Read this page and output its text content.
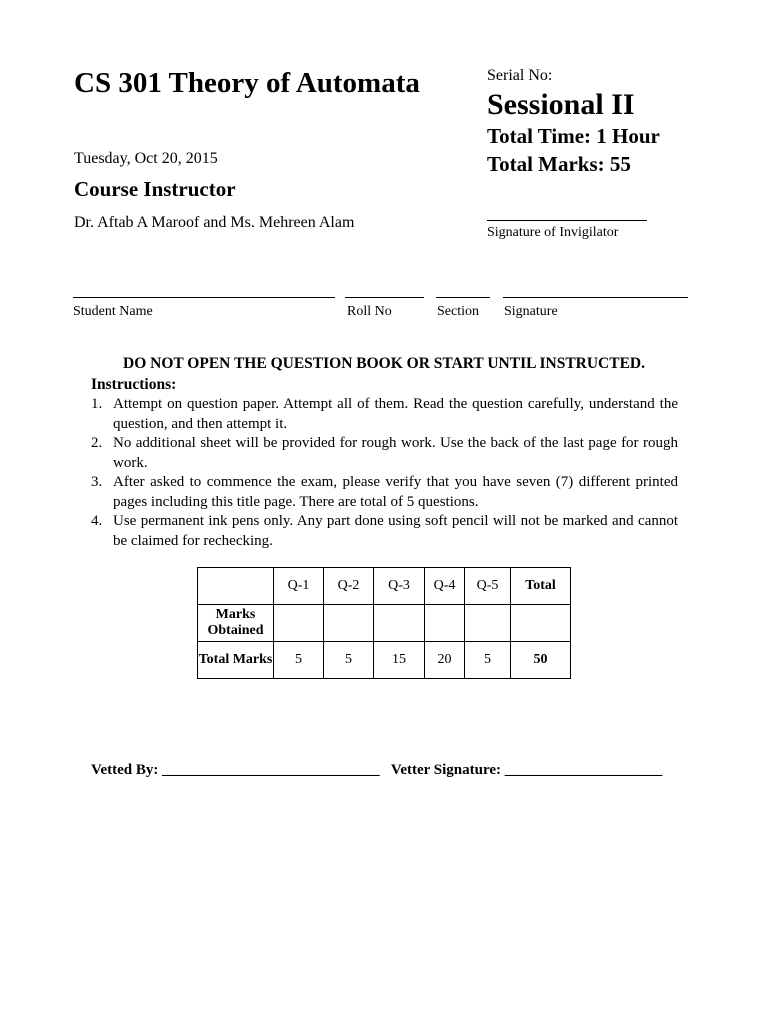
CS 301 Theory of Automata	Serial No:
Sessional II
Total Time: 1 Hour
Total Marks: 55
Tuesday, Oct 20, 2015
Course Instructor
Dr. Aftab A Maroof and Ms. Mehreen Alam
Signature of Invigilator
Student Name	Roll No	Section Signature
DO NOT OPEN THE QUESTION BOOK OR START UNTIL INSTRUCTED.
Instructions:
1. Attempt on question paper. Attempt all of them. Read the question carefully, understand the question, and then attempt it.
2. No additional sheet will be provided for rough work. Use the back of the last page for rough work.
3. After asked to commence the exam, please verify that you have seven (7) different printed pages including this title page. There are total of 5 questions.
4. Use permanent ink pens only. Any part done using soft pencil will not be marked and cannot be claimed for rechecking.
	Q-1	Q-2	Q-3	Q-4	Q-5	Total
Marks Obtained						
Total Marks	5	5	15	20	5	50
Vetted By: _____________________________ Vetter Signature: _____________________
